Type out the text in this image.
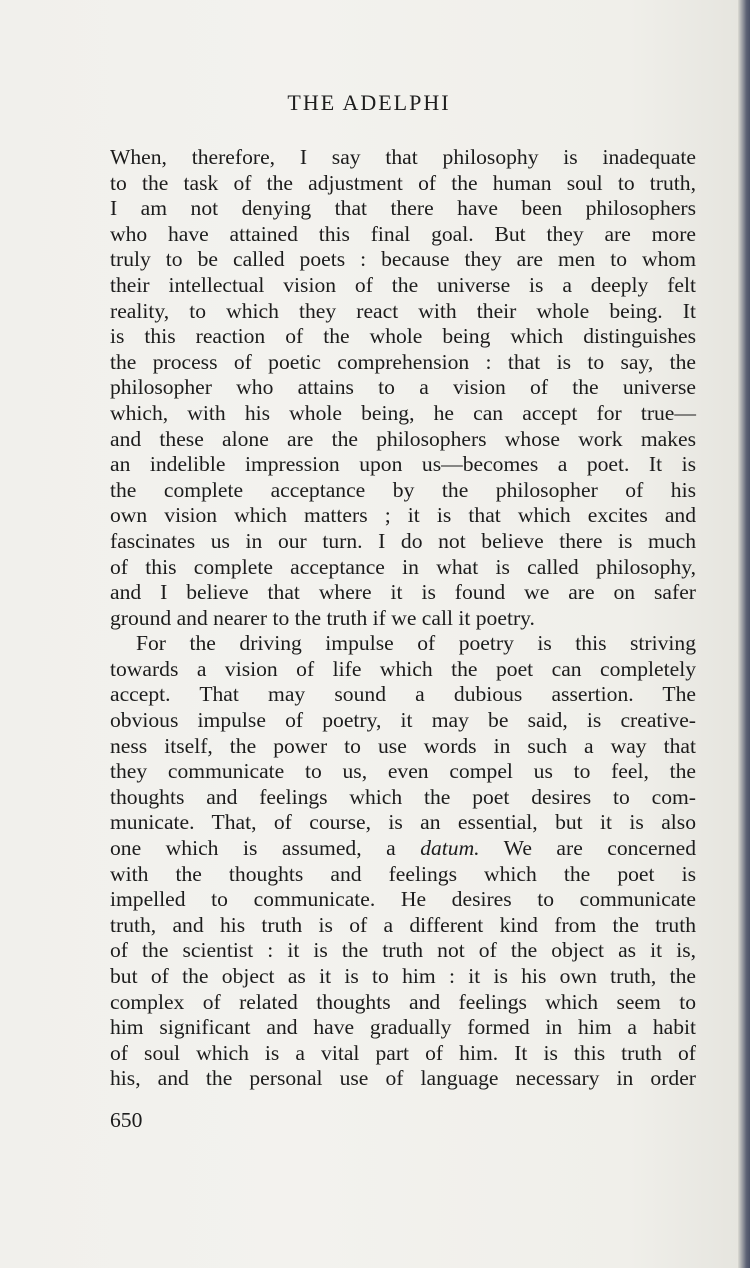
THE ADELPHI
When, therefore, I say that philosophy is inadequate
to the task of the adjustment of the human soul to truth,
I am not denying that there have been philosophers
who have attained this final goal. But they are more
truly to be called poets : because they are men to whom
their intellectual vision of the universe is a deeply felt
reality, to which they react with their whole being. It
is this reaction of the whole being which distinguishes
the process of poetic comprehension : that is to say, the
philosopher who attains to a vision of the universe
which, with his whole being, he can accept for true—
and these alone are the philosophers whose work makes
an indelible impression upon us—becomes a poet. It is
the complete acceptance by the philosopher of his
own vision which matters ; it is that which excites and
fascinates us in our turn. I do not believe there is much
of this complete acceptance in what is called philosophy,
and I believe that where it is found we are on safer
ground and nearer to the truth if we call it poetry.
For the driving impulse of poetry is this striving
towards a vision of life which the poet can completely
accept. That may sound a dubious assertion. The
obvious impulse of poetry, it may be said, is creative-
ness itself, the power to use words in such a way that
they communicate to us, even compel us to feel, the
thoughts and feelings which the poet desires to com-
municate. That, of course, is an essential, but it is also
one which is assumed, a datum. We are concerned
with the thoughts and feelings which the poet is
impelled to communicate. He desires to communicate
truth, and his truth is of a different kind from the truth
of the scientist : it is the truth not of the object as it is,
but of the object as it is to him : it is his own truth, the
complex of related thoughts and feelings which seem to
him significant and have gradually formed in him a habit
of soul which is a vital part of him. It is this truth of
his, and the personal use of language necessary in order
650
